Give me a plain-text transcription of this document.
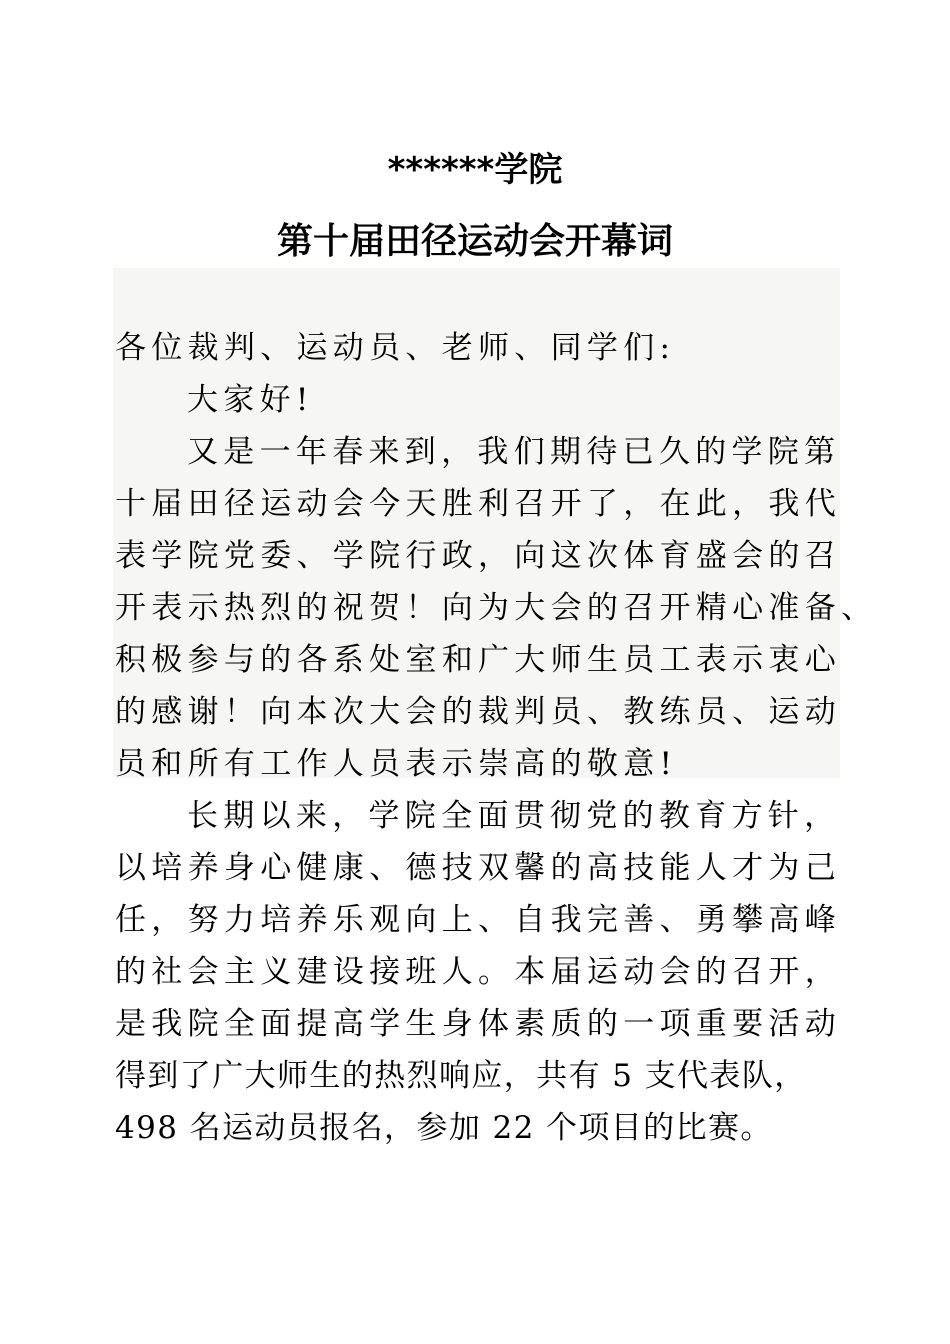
******学院
第十届田径运动会开幕词
各位裁判、运动员、老师、同学们:
大家好!
又是一年春来到，我们期待已久的学院第
十届田径运动会今天胜利召开了，在此，我代
表学院党委、学院行政，向这次体育盛会的召
开表示热烈的祝贺！向为大会的召开精心准备、
积极参与的各系处室和广大师生员工表示衷心
的感谢！向本次大会的裁判员、教练员、运动
员和所有工作人员表示崇高的敬意!
长期以来，学院全面贯彻党的教育方针，
以培养身心健康、德技双馨的高技能人才为己
任，努力培养乐观向上、自我完善、勇攀高峰
的社会主义建设接班人。本届运动会的召开，
是我院全面提高学生身体素质的一项重要活动
得到了广大师生的热烈响应，共有 5 支代表队，
498 名运动员报名，参加 22 个项目的比赛。
